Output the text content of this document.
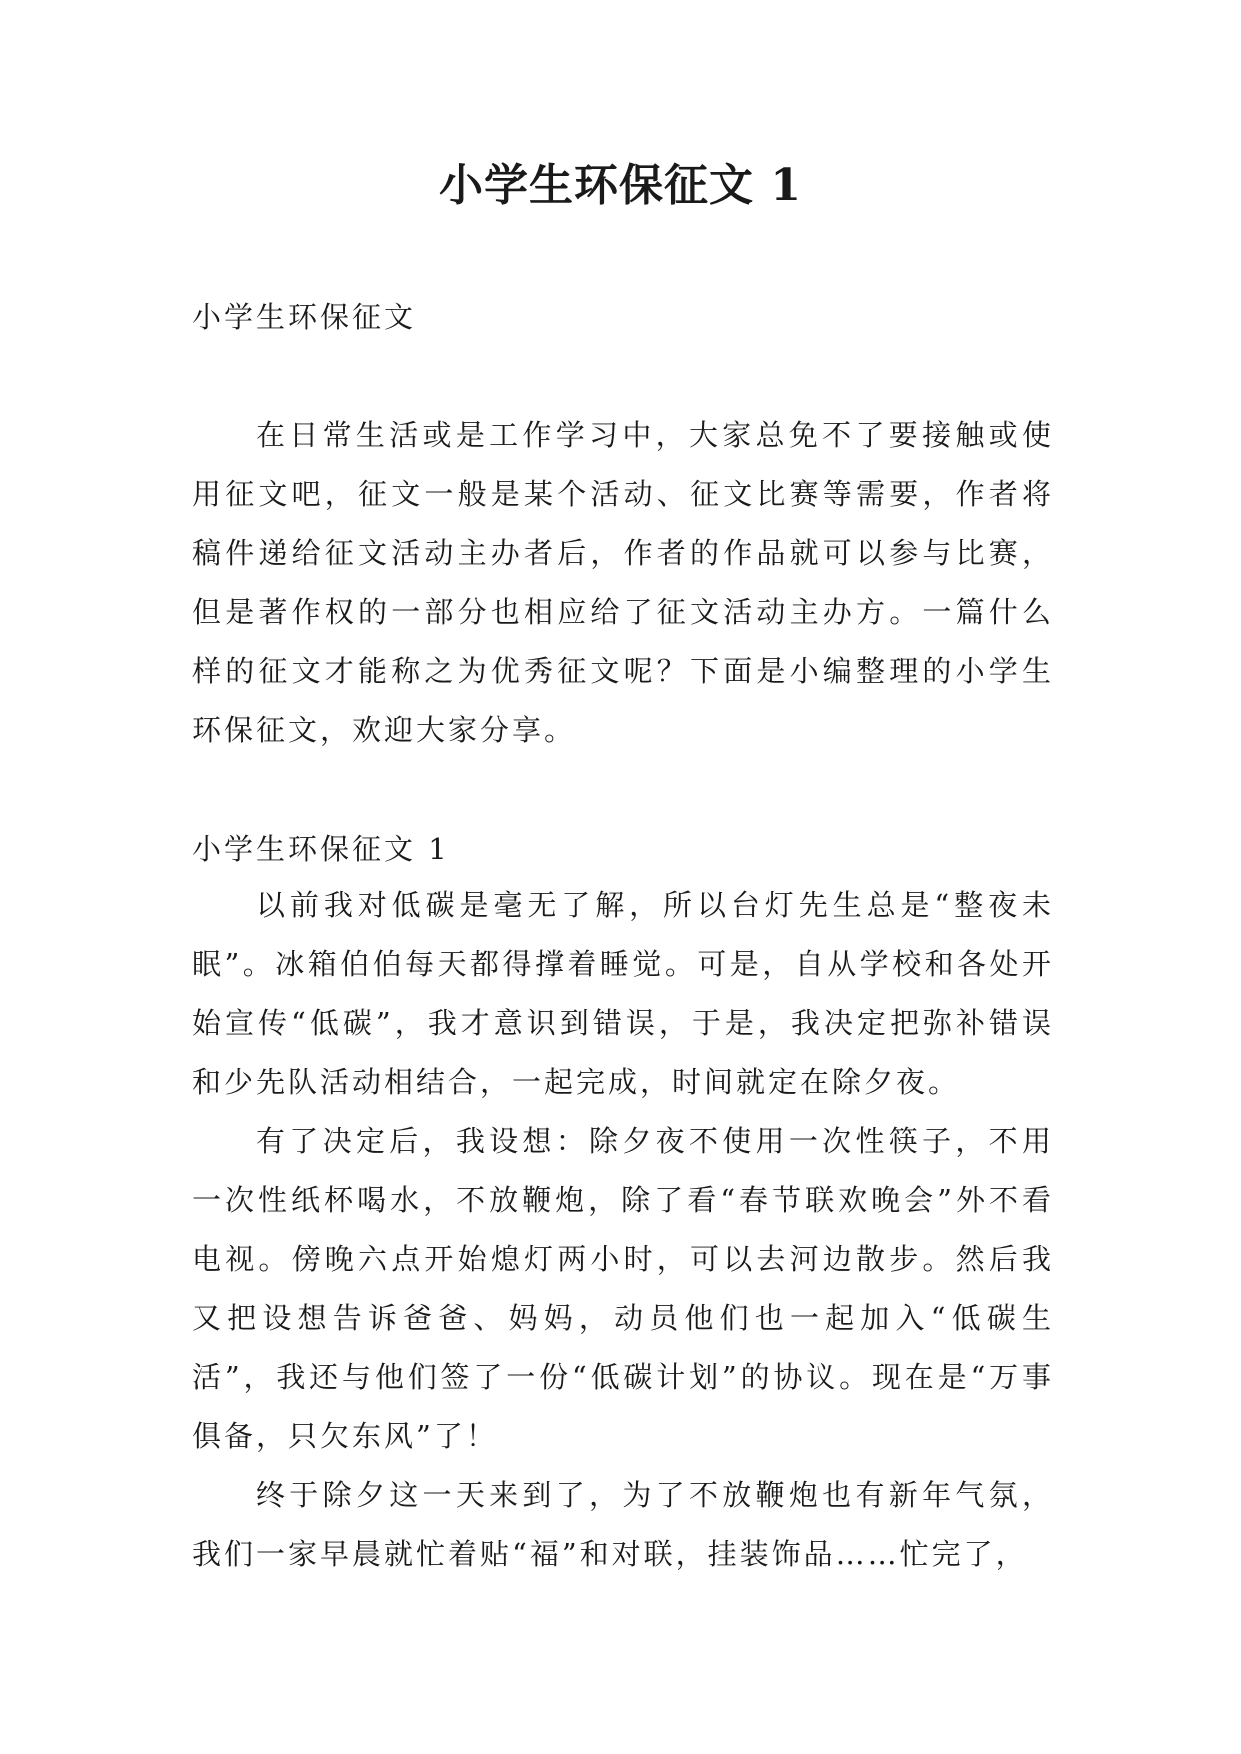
小学生环保征文 1

小学生环保征文

在日常生活或是工作学习中，大家总免不了要接触或使用征文吧，征文一般是某个活动、征文比赛等需要，作者将稿件递给征文活动主办者后，作者的作品就可以参与比赛，但是著作权的一部分也相应给了征文活动主办方。一篇什么样的征文才能称之为优秀征文呢？下面是小编整理的小学生环保征文，欢迎大家分享。

小学生环保征文 1

以前我对低碳是毫无了解，所以台灯先生总是“整夜未眠”。冰箱伯伯每天都得撑着睡觉。可是，自从学校和各处开始宣传“低碳”，我才意识到错误，于是，我决定把弥补错误和少先队活动相结合，一起完成，时间就定在除夕夜。

有了决定后，我设想：除夕夜不使用一次性筷子，不用一次性纸杯喝水，不放鞭炮，除了看“春节联欢晚会”外不看电视。傍晚六点开始熄灯两小时，可以去河边散步。然后我又把设想告诉爸爸、妈妈，动员他们也一起加入“低碳生活”，我还与他们签了一份“低碳计划”的协议。现在是“万事俱备，只欠东风”了！

终于除夕这一天来到了，为了不放鞭炮也有新年气氛，我们一家早晨就忙着贴“福”和对联，挂装饰品……忙完了，
